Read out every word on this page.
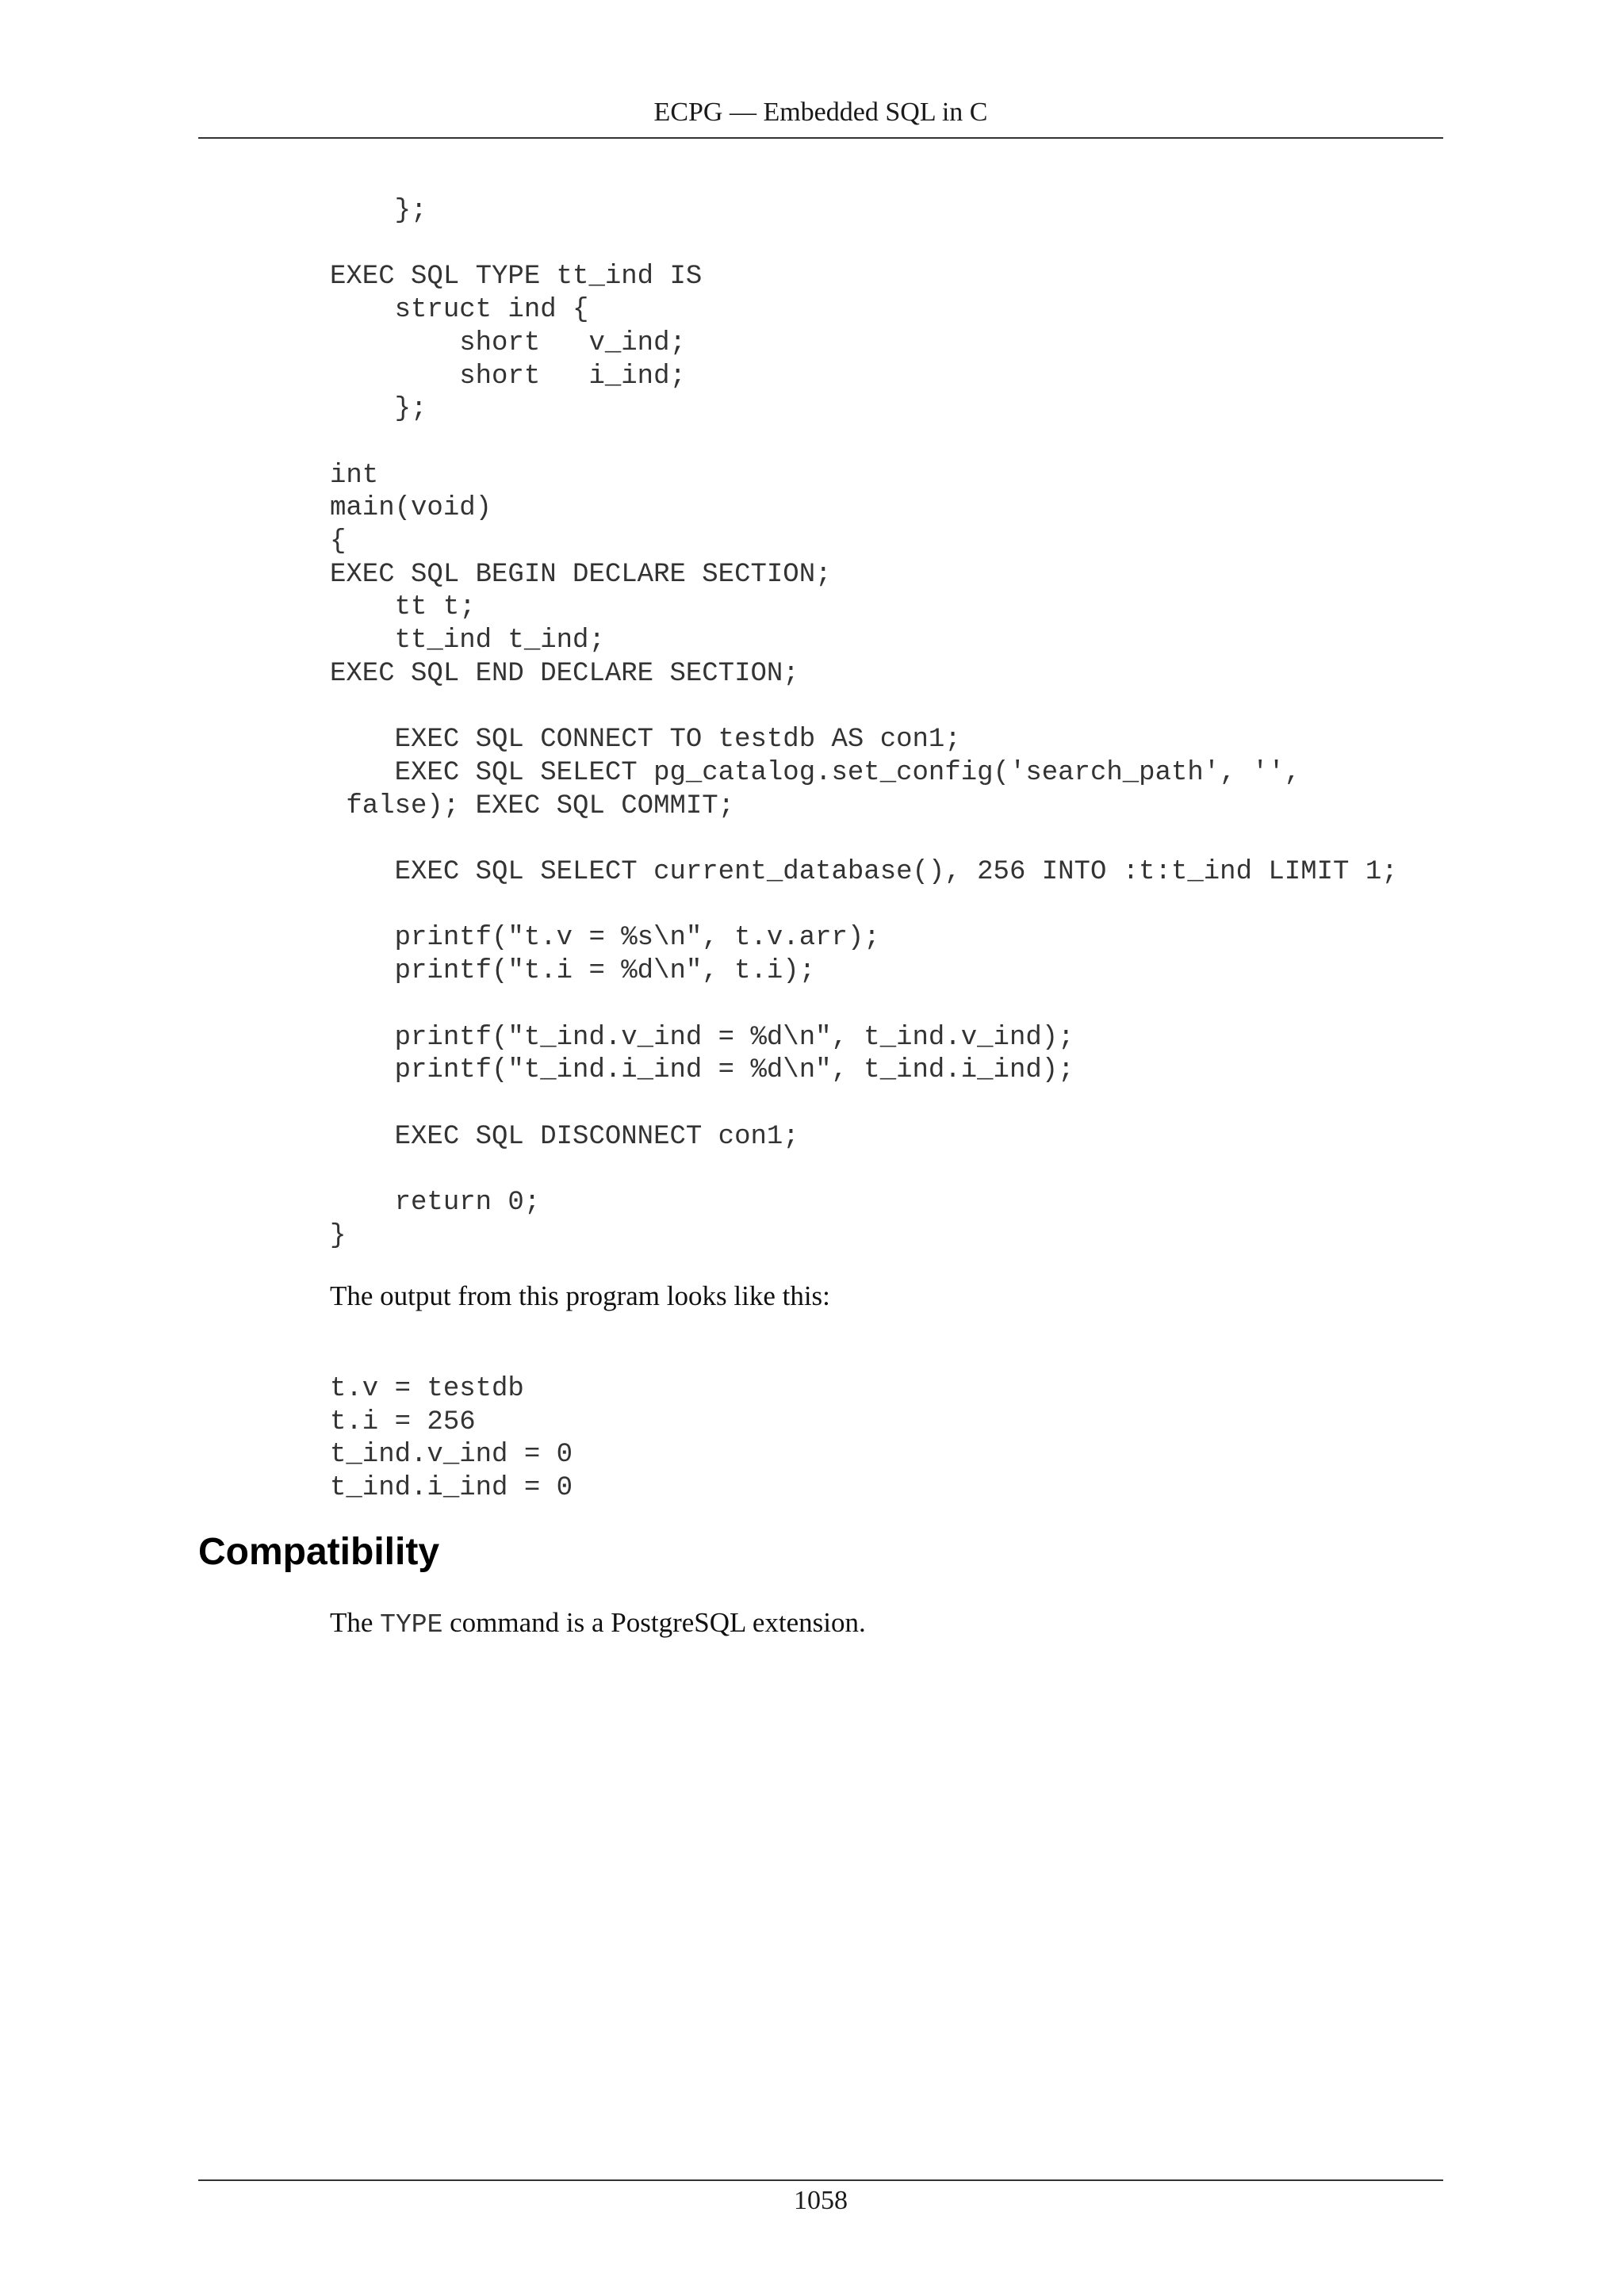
ECPG — Embedded SQL in C
};

EXEC SQL TYPE tt_ind IS
struct ind {
short   v_ind;
short   i_ind;
};

int
main(void)
{
EXEC SQL BEGIN DECLARE SECTION;
tt t;
tt_ind t_ind;
EXEC SQL END DECLARE SECTION;

EXEC SQL CONNECT TO testdb AS con1;
EXEC SQL SELECT pg_catalog.set_config('search_path', '',
false); EXEC SQL COMMIT;

EXEC SQL SELECT current_database(), 256 INTO :t:t_ind LIMIT 1;

printf("t.v = %s\n", t.v.arr);
printf("t.i = %d\n", t.i);

printf("t_ind.v_ind = %d\n", t_ind.v_ind);
printf("t_ind.i_ind = %d\n", t_ind.i_ind);

EXEC SQL DISCONNECT con1;

return 0;
}

The output from this program looks like this:

t.v = testdb
t.i = 256
t_ind.v_ind = 0
t_ind.i_ind = 0
Compatibility

The TYPE command is a PostgreSQL extension.

1058
